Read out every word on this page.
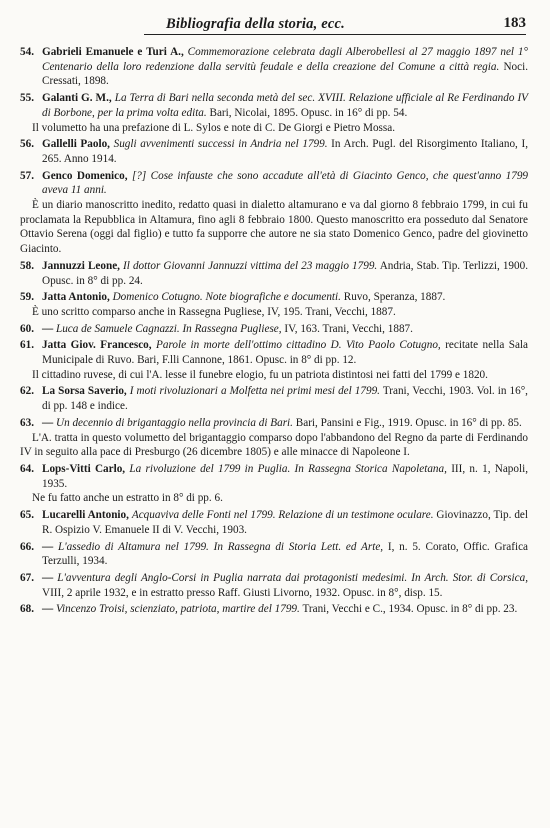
Bibliografia della storia, ecc.	183

54. Gabrieli Emanuele e Turi A., Commemorazione celebrata dagli Alberobellesi al 27 maggio 1897 nel 1° Centenario della loro redenzione dalla servitù feudale e della creazione del Comune a città regia. Noci. Cressati, 1898.

55. Galanti G. M., La Terra di Bari nella seconda metà del sec. XVIII. Relazione ufficiale al Re Ferdinando IV di Borbone, per la prima volta edita. Bari, Nicolai, 1895. Opusc. in 16° di pp. 54.

Il volumetto ha una prefazione di L. Sylos e note di C. De Giorgi e Pietro Mossa.

56. Gallelli Paolo, Sugli avvenimenti successi in Andria nel 1799. In Arch. Pugl. del Risorgimento Italiano, I, 265. Anno 1914.

57. Genco Domenico, [?] Cose infauste che sono accadute all'età di Giacinto Genco, che quest'anno 1799 aveva 11 anni.

È un diario manoscritto inedito, redatto quasi in dialetto altamurano e va dal giorno 8 febbraio 1799, in cui fu proclamata la Repubblica in Altamura, fino agli 8 febbraio 1800. Questo manoscritto era posseduto dal Senatore Ottavio Serena (oggi dal figlio) e tutto fa supporre che autore ne sia stato Domenico Genco, padre del giovinetto Giacinto.

58. Jannuzzi Leone, Il dottor Giovanni Jannuzzi vittima del 23 maggio 1799. Andria, Stab. Tip. Terlizzi, 1900. Opusc. in 8° di pp. 24.

59. Jatta Antonio, Domenico Cotugno. Note biografiche e documenti. Ruvo, Speranza, 1887.

È uno scritto comparso anche in Rassegna Pugliese, IV, 195. Trani, Vecchi, 1887.

60. — Luca de Samuele Cagnazzi. In Rassegna Pugliese, IV, 163. Trani, Vecchi, 1887.

61. Jatta Giov. Francesco, Parole in morte dell'ottimo cittadino D. Vito Paolo Cotugno, recitate nella Sala Municipale di Ruvo. Bari, F.lli Cannone, 1861. Opusc. in 8° di pp. 12.

Il cittadino ruvese, di cui l'A. lesse il funebre elogio, fu un patriota distintosi nei fatti del 1799 e 1820.

62. La Sorsa Saverio, I moti rivoluzionari a Molfetta nei primi mesi del 1799. Trani, Vecchi, 1903. Vol. in 16°, di pp. 148 e indice.

63. — Un decennio di brigantaggio nella provincia di Bari. Bari, Pansini e Fig., 1919. Opusc. in 16° di pp. 85.

L'A. tratta in questo volumetto del brigantaggio comparso dopo l'abbandono del Regno da parte di Ferdinando IV in seguito alla pace di Presburgo (26 dicembre 1805) e alle minacce di Napoleone I.

64. Lops-Vitti Carlo, La rivoluzione del 1799 in Puglia. In Rassegna Storica Napoletana, III, n. 1, Napoli, 1935.

Ne fu fatto anche un estratto in 8° di pp. 6.

65. Lucarelli Antonio, Acquaviva delle Fonti nel 1799. Relazione di un testimone oculare. Giovinazzo, Tip. del R. Ospizio V. Emanuele II di V. Vecchi, 1903.

66. — L'assedio di Altamura nel 1799. In Rassegna di Storia Lett. ed Arte, I, n. 5. Corato, Offic. Grafica Terzulli, 1934.

67. — L'avventura degli Anglo-Corsi in Puglia narrata dai protagonisti medesimi. In Arch. Stor. di Corsica, VIII, 2 aprile 1932, e in estratto presso Raff. Giusti Livorno, 1932. Opusc. in 8°, disp. 15.

68. — Vincenzo Troisi, scienziato, patriota, martire del 1799. Trani, Vecchi e C., 1934. Opusc. in 8° di pp. 23.
